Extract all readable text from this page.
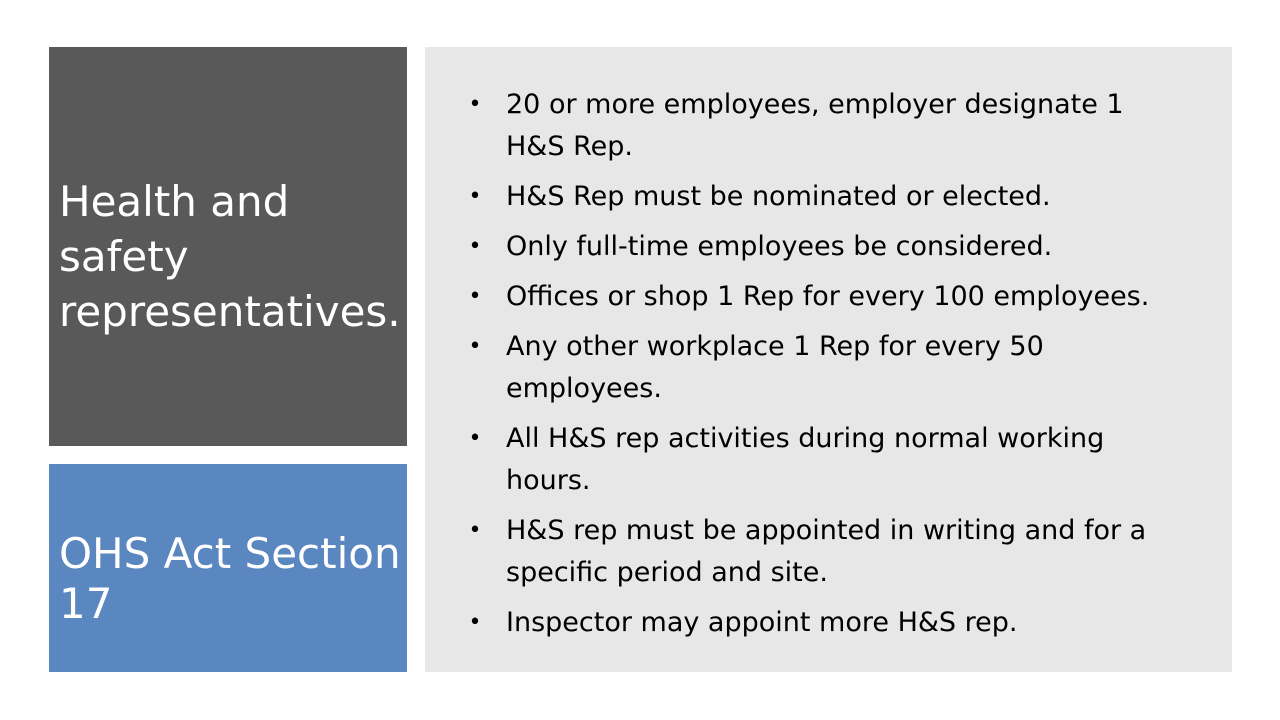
Health and safety representatives.
OHS Act Section 17
• 20 or more employees, employer designate 1 H&S Rep.
• H&S Rep must be nominated or elected.
• Only full-time employees be considered.
• Offices or shop 1 Rep for every 100 employees.
• Any other workplace 1 Rep for every 50 employees.
• All H&S rep activities during normal working hours.
• H&S rep must be appointed in writing and for a specific period and site.
• Inspector may appoint more H&S rep.
